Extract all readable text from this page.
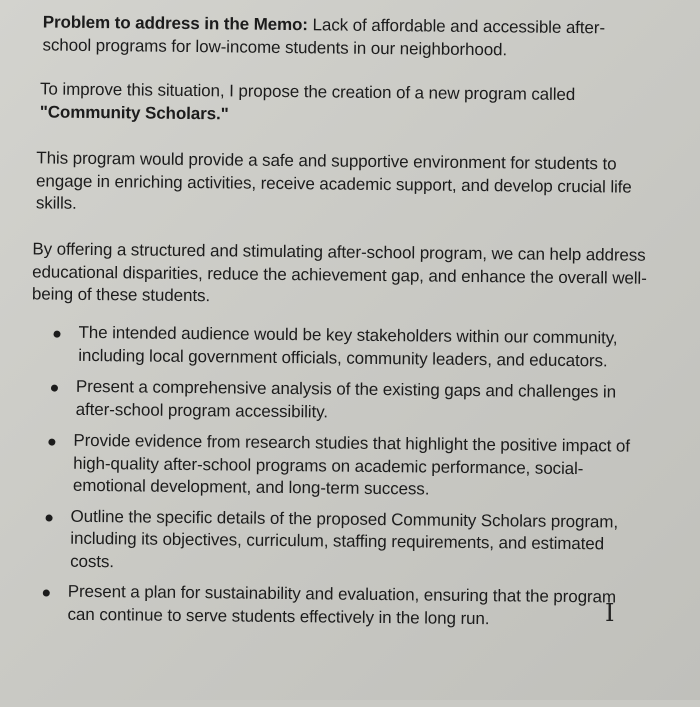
Problem to address in the Memo: Lack of affordable and accessible after-school programs for low-income students in our neighborhood.

To improve this situation, I propose the creation of a new program called "Community Scholars."

This program would provide a safe and supportive environment for students to engage in enriching activities, receive academic support, and develop crucial life skills.

By offering a structured and stimulating after-school program, we can help address educational disparities, reduce the achievement gap, and enhance the overall well-being of these students.

The intended audience would be key stakeholders within our community, including local government officials, community leaders, and educators.
Present a comprehensive analysis of the existing gaps and challenges in after-school program accessibility.
Provide evidence from research studies that highlight the positive impact of high-quality after-school programs on academic performance, social-emotional development, and long-term success.
Outline the specific details of the proposed Community Scholars program, including its objectives, curriculum, staffing requirements, and estimated costs.
Present a plan for sustainability and evaluation, ensuring that the program can continue to serve students effectively in the long run.	I
